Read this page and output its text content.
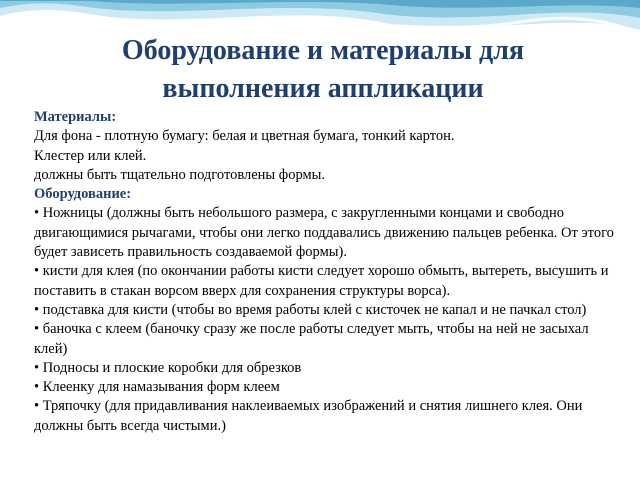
Оборудование и материалы для выполнения аппликации

Материалы:

Для фона - плотную бумагу: белая и цветная бумага, тонкий картон.

Клестер или клей.

должны быть тщательно подготовлены формы.

Оборудование:

• Ножницы (должны быть небольшого размера, с закругленными концами и свободно двигающимися рычагами, чтобы они легко поддавались движению пальцев ребенка. От этого будет зависеть правильность создаваемой формы).

• кисти для клея (по окончании работы кисти следует хорошо обмыть, вытереть, высушить и поставить в стакан ворсом вверх для сохранения структуры ворса).

• подставка для кисти (чтобы во время работы клей с кисточек не капал и не пачкал стол)

• баночка с клеем (баночку сразу же после работы следует мыть, чтобы на ней не засыхал клей)

• Подносы и плоские коробки для обрезков

• Клеенку для намазывания форм клеем

• Тряпочку (для придавливания наклеиваемых изображений и снятия лишнего клея. Они должны быть всегда чистыми.)
